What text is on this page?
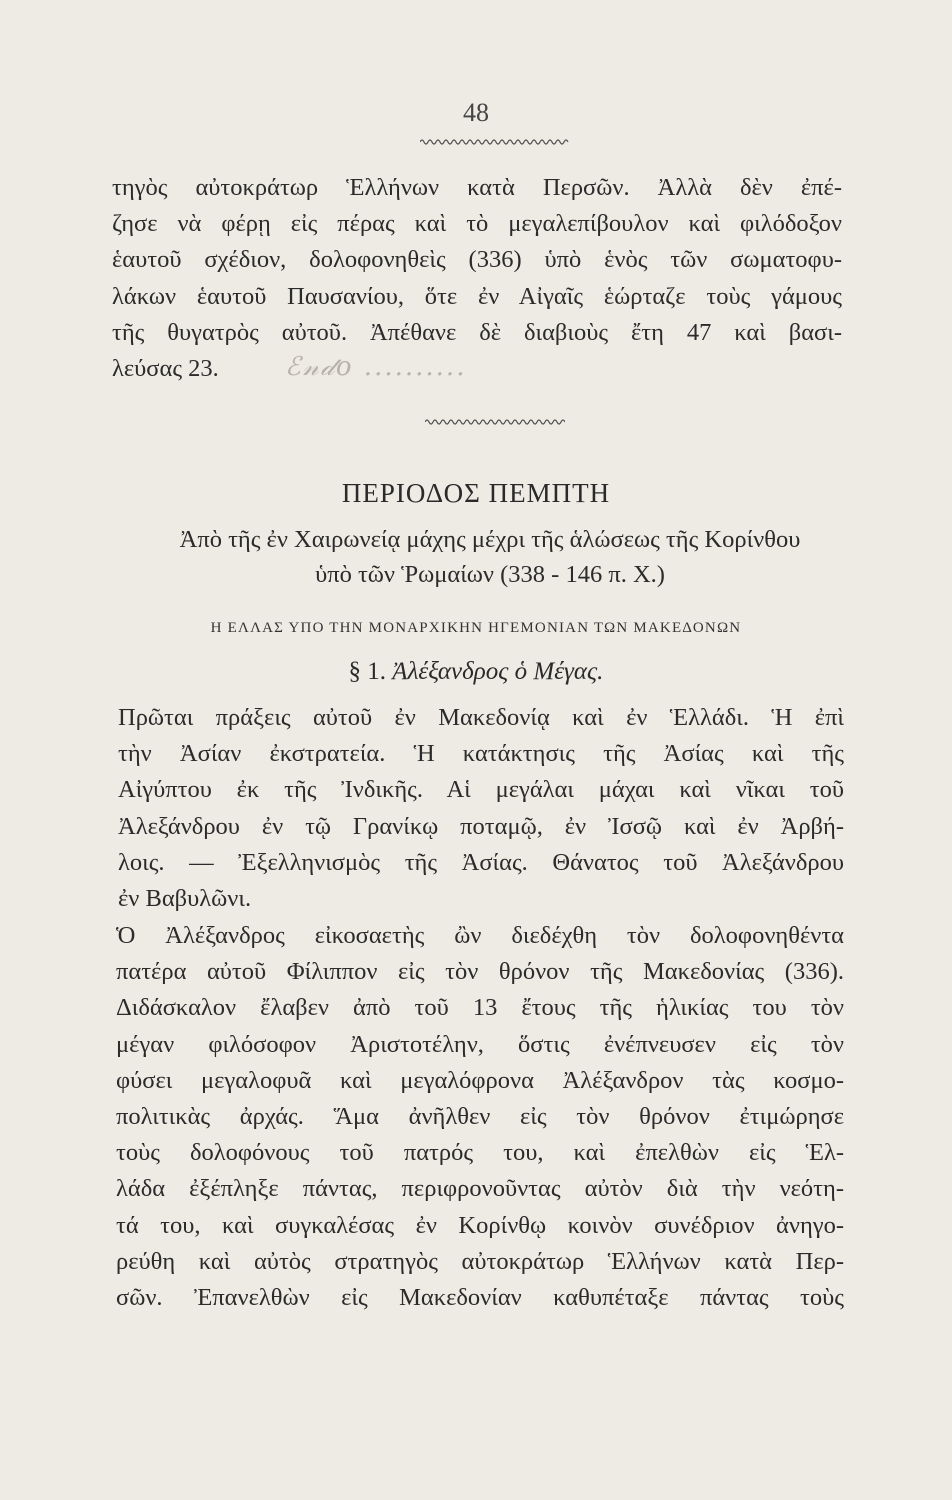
48
τηγὸς αὐτοκράτωρ Ἑλλήνων κατὰ Περσῶν. Ἀλλὰ δὲν ἐπέ-
ζησε νὰ φέρῃ εἰς πέρας καὶ τὸ μεγαλεπίβουλον καὶ φιλόδοξον
ἑαυτοῦ σχέδιον, δολοφονηθεὶς (336) ὑπὸ ἑνὸς τῶν σωματοφυ-
λάκων ἑαυτοῦ Παυσανίου, ὅτε ἐν Αἰγαῖς ἑώρταζε τοὺς γάμους
τῆς θυγατρὸς αὐτοῦ. Ἀπέθανε δὲ διαβιοὺς ἔτη 47 καὶ βασι-
λεύσας 23.	ℰ𝓃𝒹𝑜 ..........
ΠΕΡΙΟΔΟΣ ΠΕΜΠΤΗ
Ἀπὸ τῆς ἐν Χαιρωνείᾳ μάχης μέχρι τῆς ἁλώσεως τῆς Κορίνθου
ὑπὸ τῶν Ῥωμαίων (338 - 146 π. Χ.)
Η ΕΛΛΑΣ ΥΠΟ ΤΗΝ ΜΟΝΑΡΧΙΚΗΝ ΗΓΕΜΟΝΙΑΝ ΤΩΝ ΜΑΚΕΔΟΝΩΝ
§ 1. Ἀλέξανδρος ὁ Μέγας.
Πρῶται πράξεις αὐτοῦ ἐν Μακεδονίᾳ καὶ ἐν Ἑλλάδι. Ἡ ἐπὶ
τὴν Ἀσίαν ἐκστρατεία. Ἡ κατάκτησις τῆς Ἀσίας καὶ τῆς
Αἰγύπτου ἐκ τῆς Ἰνδικῆς. Αἱ μεγάλαι μάχαι καὶ νῖκαι τοῦ
Ἀλεξάνδρου ἐν τῷ Γρανίκῳ ποταμῷ, ἐν Ἰσσῷ καὶ ἐν Ἀρβή-
λοις. — Ἐξελληνισμὸς τῆς Ἀσίας. Θάνατος τοῦ Ἀλεξάνδρου
ἐν Βαβυλῶνι.
Ὁ Ἀλέξανδρος εἰκοσαετὴς ὢν διεδέχθη τὸν δολοφονηθέντα
πατέρα αὐτοῦ Φίλιππον εἰς τὸν θρόνον τῆς Μακεδονίας (336).
Διδάσκαλον ἔλαβεν ἀπὸ τοῦ 13 ἔτους τῆς ἡλικίας του τὸν
μέγαν φιλόσοφον Ἀριστοτέλην, ὅστις ἐνέπνευσεν εἰς τὸν
φύσει μεγαλοφυᾶ καὶ μεγαλόφρονα Ἀλέξανδρον τὰς κοσμο-
πολιτικὰς ἀρχάς. Ἅμα ἀνῆλθεν εἰς τὸν θρόνον ἐτιμώρησε
τοὺς δολοφόνους τοῦ πατρός του, καὶ ἐπελθὼν εἰς Ἑλ-
λάδα ἐξέπληξε πάντας, περιφρονοῦντας αὐτὸν διὰ τὴν νεότη-
τά του, καὶ συγκαλέσας ἐν Κορίνθῳ κοινὸν συνέδριον ἀνηγο-
ρεύθη καὶ αὐτὸς στρατηγὸς αὐτοκράτωρ Ἑλλήνων κατὰ Περ-
σῶν. Ἐπανελθὼν εἰς Μακεδονίαν καθυπέταξε πάντας τοὺς
